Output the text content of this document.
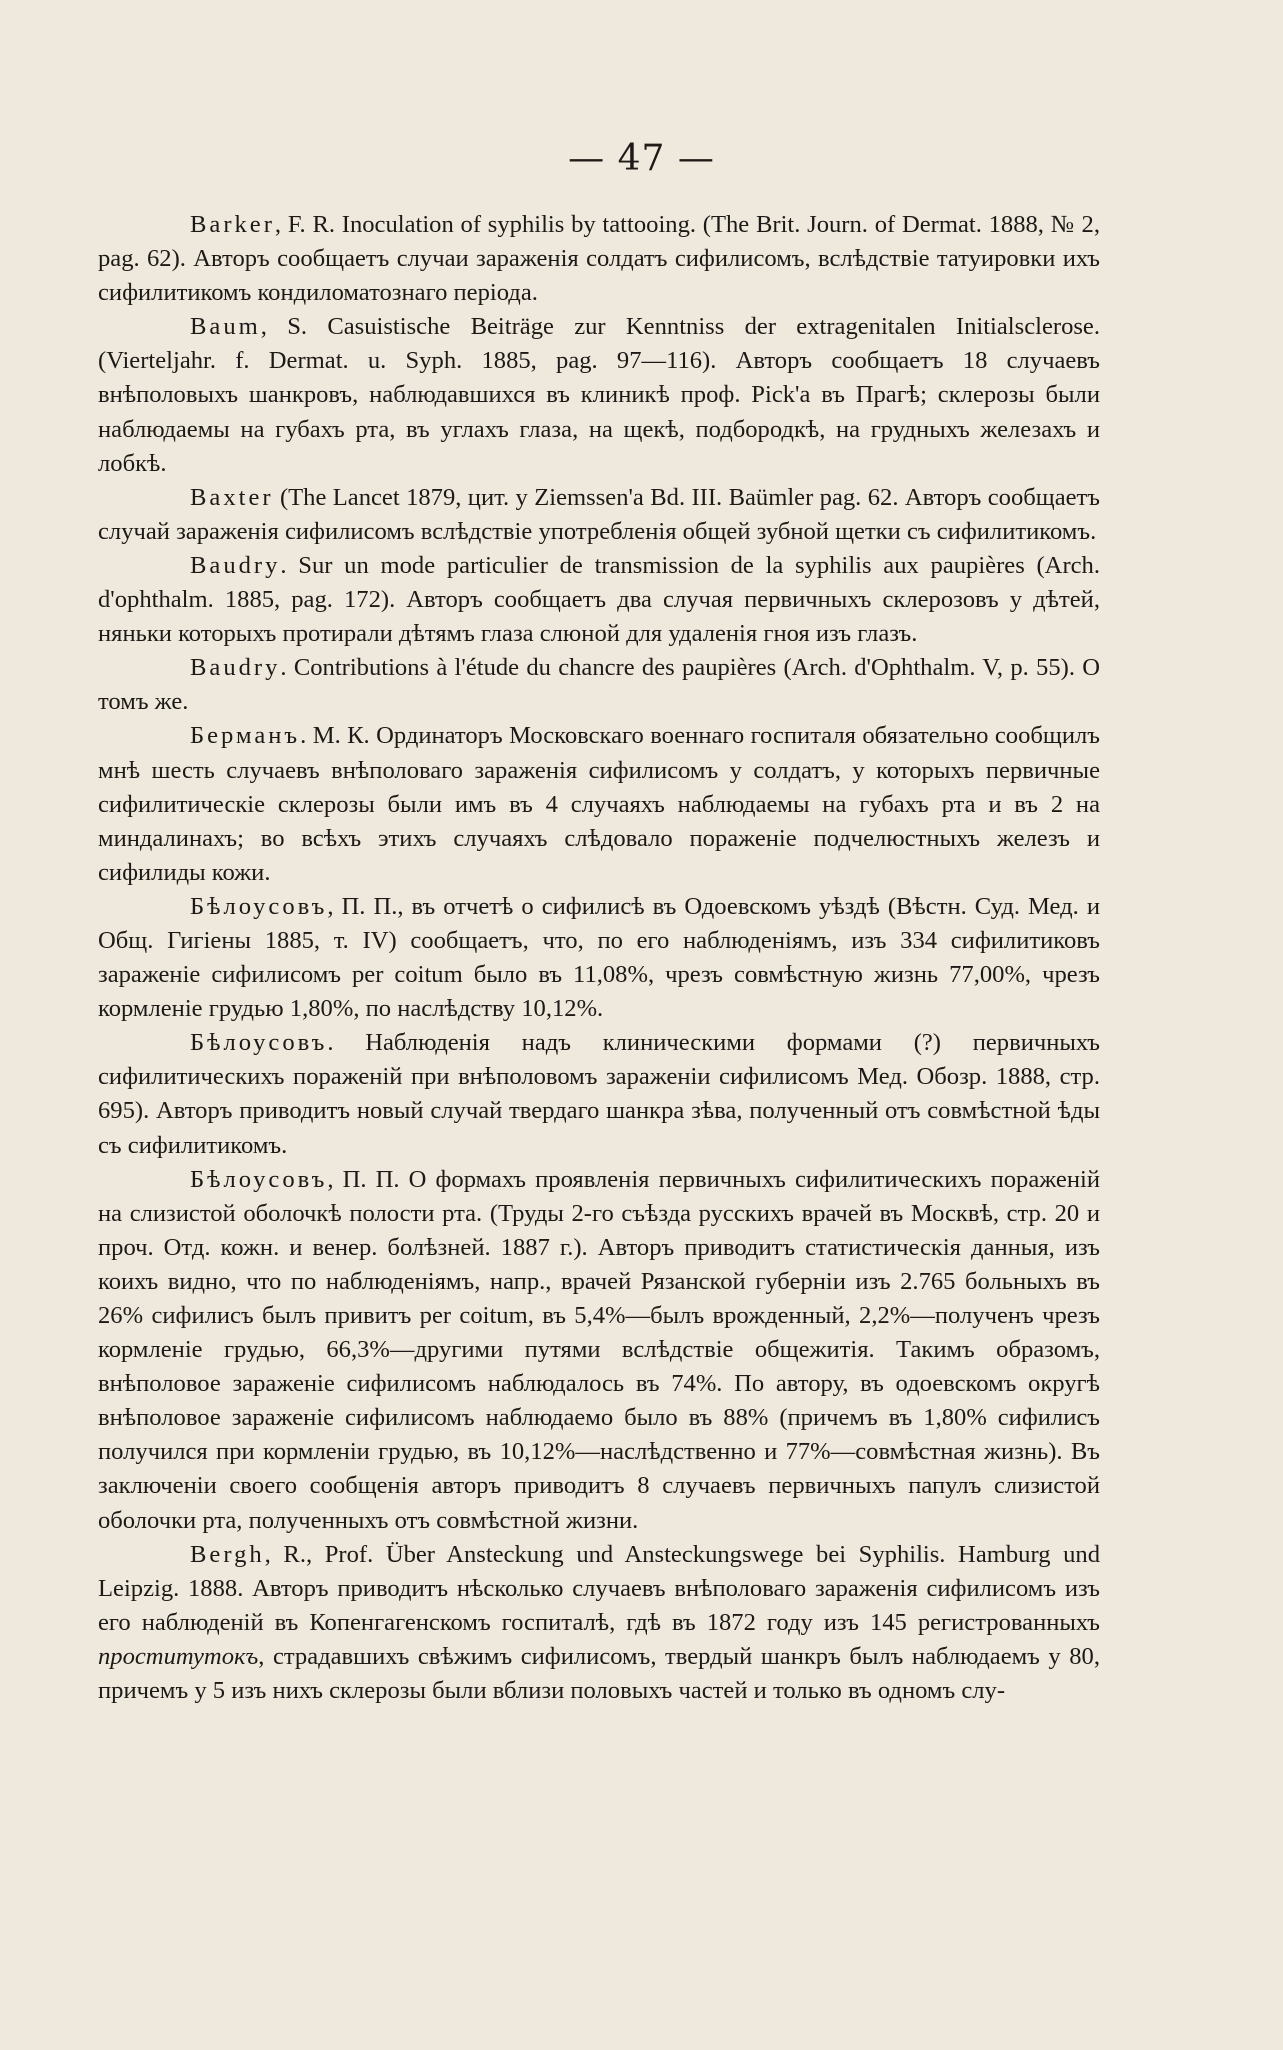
— 47 —

Barker, F. R. Inoculation of syphilis by tattooing. (The Brit. Journ. of Dermat. 1888, № 2, pag. 62). Авторъ сообщаетъ случаи зараженія солдатъ сифилисомъ, вслѣдствіе татуировки ихъ сифилитикомъ кондиломатознаго періода.

Baum, S. Casuistische Beiträge zur Kenntniss der extragenitalen Initialsclerose. (Vierteljahr. f. Dermat. u. Syph. 1885, pag. 97—116). Авторъ сообщаетъ 18 случаевъ внѣполовыхъ шанкровъ, наблюдавшихся въ клиникѣ проф. Pick'a въ Прагѣ; склерозы были наблюдаемы на губахъ рта, въ углахъ глаза, на щекѣ, подбородкѣ, на грудныхъ железахъ и лобкѣ.

Baxter (The Lancet 1879, цит. у Ziemssen'a Bd. III. Baümler pag. 62. Авторъ сообщаетъ случай зараженія сифилисомъ вслѣдствіе употребленія общей зубной щетки съ сифилитикомъ.

Baudry. Sur un mode particulier de transmission de la syphilis aux paupières (Arch. d'ophthalm. 1885, pag. 172). Авторъ сообщаетъ два случая первичныхъ склерозовъ у дѣтей, няньки которыхъ протирали дѣтямъ глаза слюной для удаленія гноя изъ глазъ.

Baudry. Contributions à l'étude du chancre des paupières (Arch. d'Ophthalm. V, p. 55). О томъ же.

Берманъ. М. К. Ординаторъ Московскаго военнаго госпиталя обязательно сообщилъ мнѣ шесть случаевъ внѣполоваго зараженія сифилисомъ у солдатъ, у которыхъ первичные сифилитическіе склерозы были имъ въ 4 случаяхъ наблюдаемы на губахъ рта и въ 2 на миндалинахъ; во всѣхъ этихъ случаяхъ слѣдовало пораженіе подчелюстныхъ железъ и сифилиды кожи.

Бѣлоусовъ, П. П., въ отчетѣ о сифилисѣ въ Одоевскомъ уѣздѣ (Вѣстн. Суд. Мед. и Общ. Гигіены 1885, т. IV) сообщаетъ, что, по его наблюденіямъ, изъ 334 сифилитиковъ зараженіе сифилисомъ per coitum было въ 11,08%, чрезъ совмѣстную жизнь 77,00%, чрезъ кормленіе грудью 1,80%, по наслѣдству 10,12%.

Бѣлоусовъ. Наблюденія надъ клиническими формами (?) первичныхъ сифилитическихъ пораженій при внѣполовомъ зараженіи сифилисомъ Мед. Обозр. 1888, стр. 695). Авторъ приводитъ новый случай твердаго шанкра зѣва, полученный отъ совмѣстной ѣды съ сифилитикомъ.

Бѣлоусовъ, П. П. О формахъ проявленія первичныхъ сифилитическихъ пораженій на слизистой оболочкѣ полости рта. (Труды 2-го съѣзда русскихъ врачей въ Москвѣ, стр. 20 и проч. Отд. кожн. и венер. болѣзней. 1887 г.). Авторъ приводитъ статистическія данныя, изъ коихъ видно, что по наблюденіямъ, напр., врачей Рязанской губерніи изъ 2.765 больныхъ въ 26% сифилисъ былъ привитъ per coitum, въ 5,4%—былъ врожденный, 2,2%—полученъ чрезъ кормленіе грудью, 66,3%—другими путями вслѣдствіе общежитія. Такимъ образомъ, внѣполовое зараженіе сифилисомъ наблюдалось въ 74%. По автору, въ одоевскомъ округѣ внѣполовое зараженіе сифилисомъ наблюдаемо было въ 88% (причемъ въ 1,80% сифилисъ получился при кормленіи грудью, въ 10,12%—наслѣдственно и 77%—совмѣстная жизнь). Въ заключеніи своего сообщенія авторъ приводитъ 8 случаевъ первичныхъ папулъ слизистой оболочки рта, полученныхъ отъ совмѣстной жизни.

Bergh, R., Prof. Über Ansteckung und Ansteckungswege bei Syphilis. Hamburg und Leipzig. 1888. Авторъ приводитъ нѣсколько случаевъ внѣполоваго зараженія сифилисомъ изъ его наблюденій въ Копенгагенскомъ госпиталѣ, гдѣ въ 1872 году изъ 145 регистрованныхъ проститутокъ, страдавшихъ свѣжимъ сифилисомъ, твердый шанкръ былъ наблюдаемъ у 80, причемъ у 5 изъ нихъ склерозы были вблизи половыхъ частей и только въ одномъ слу-
